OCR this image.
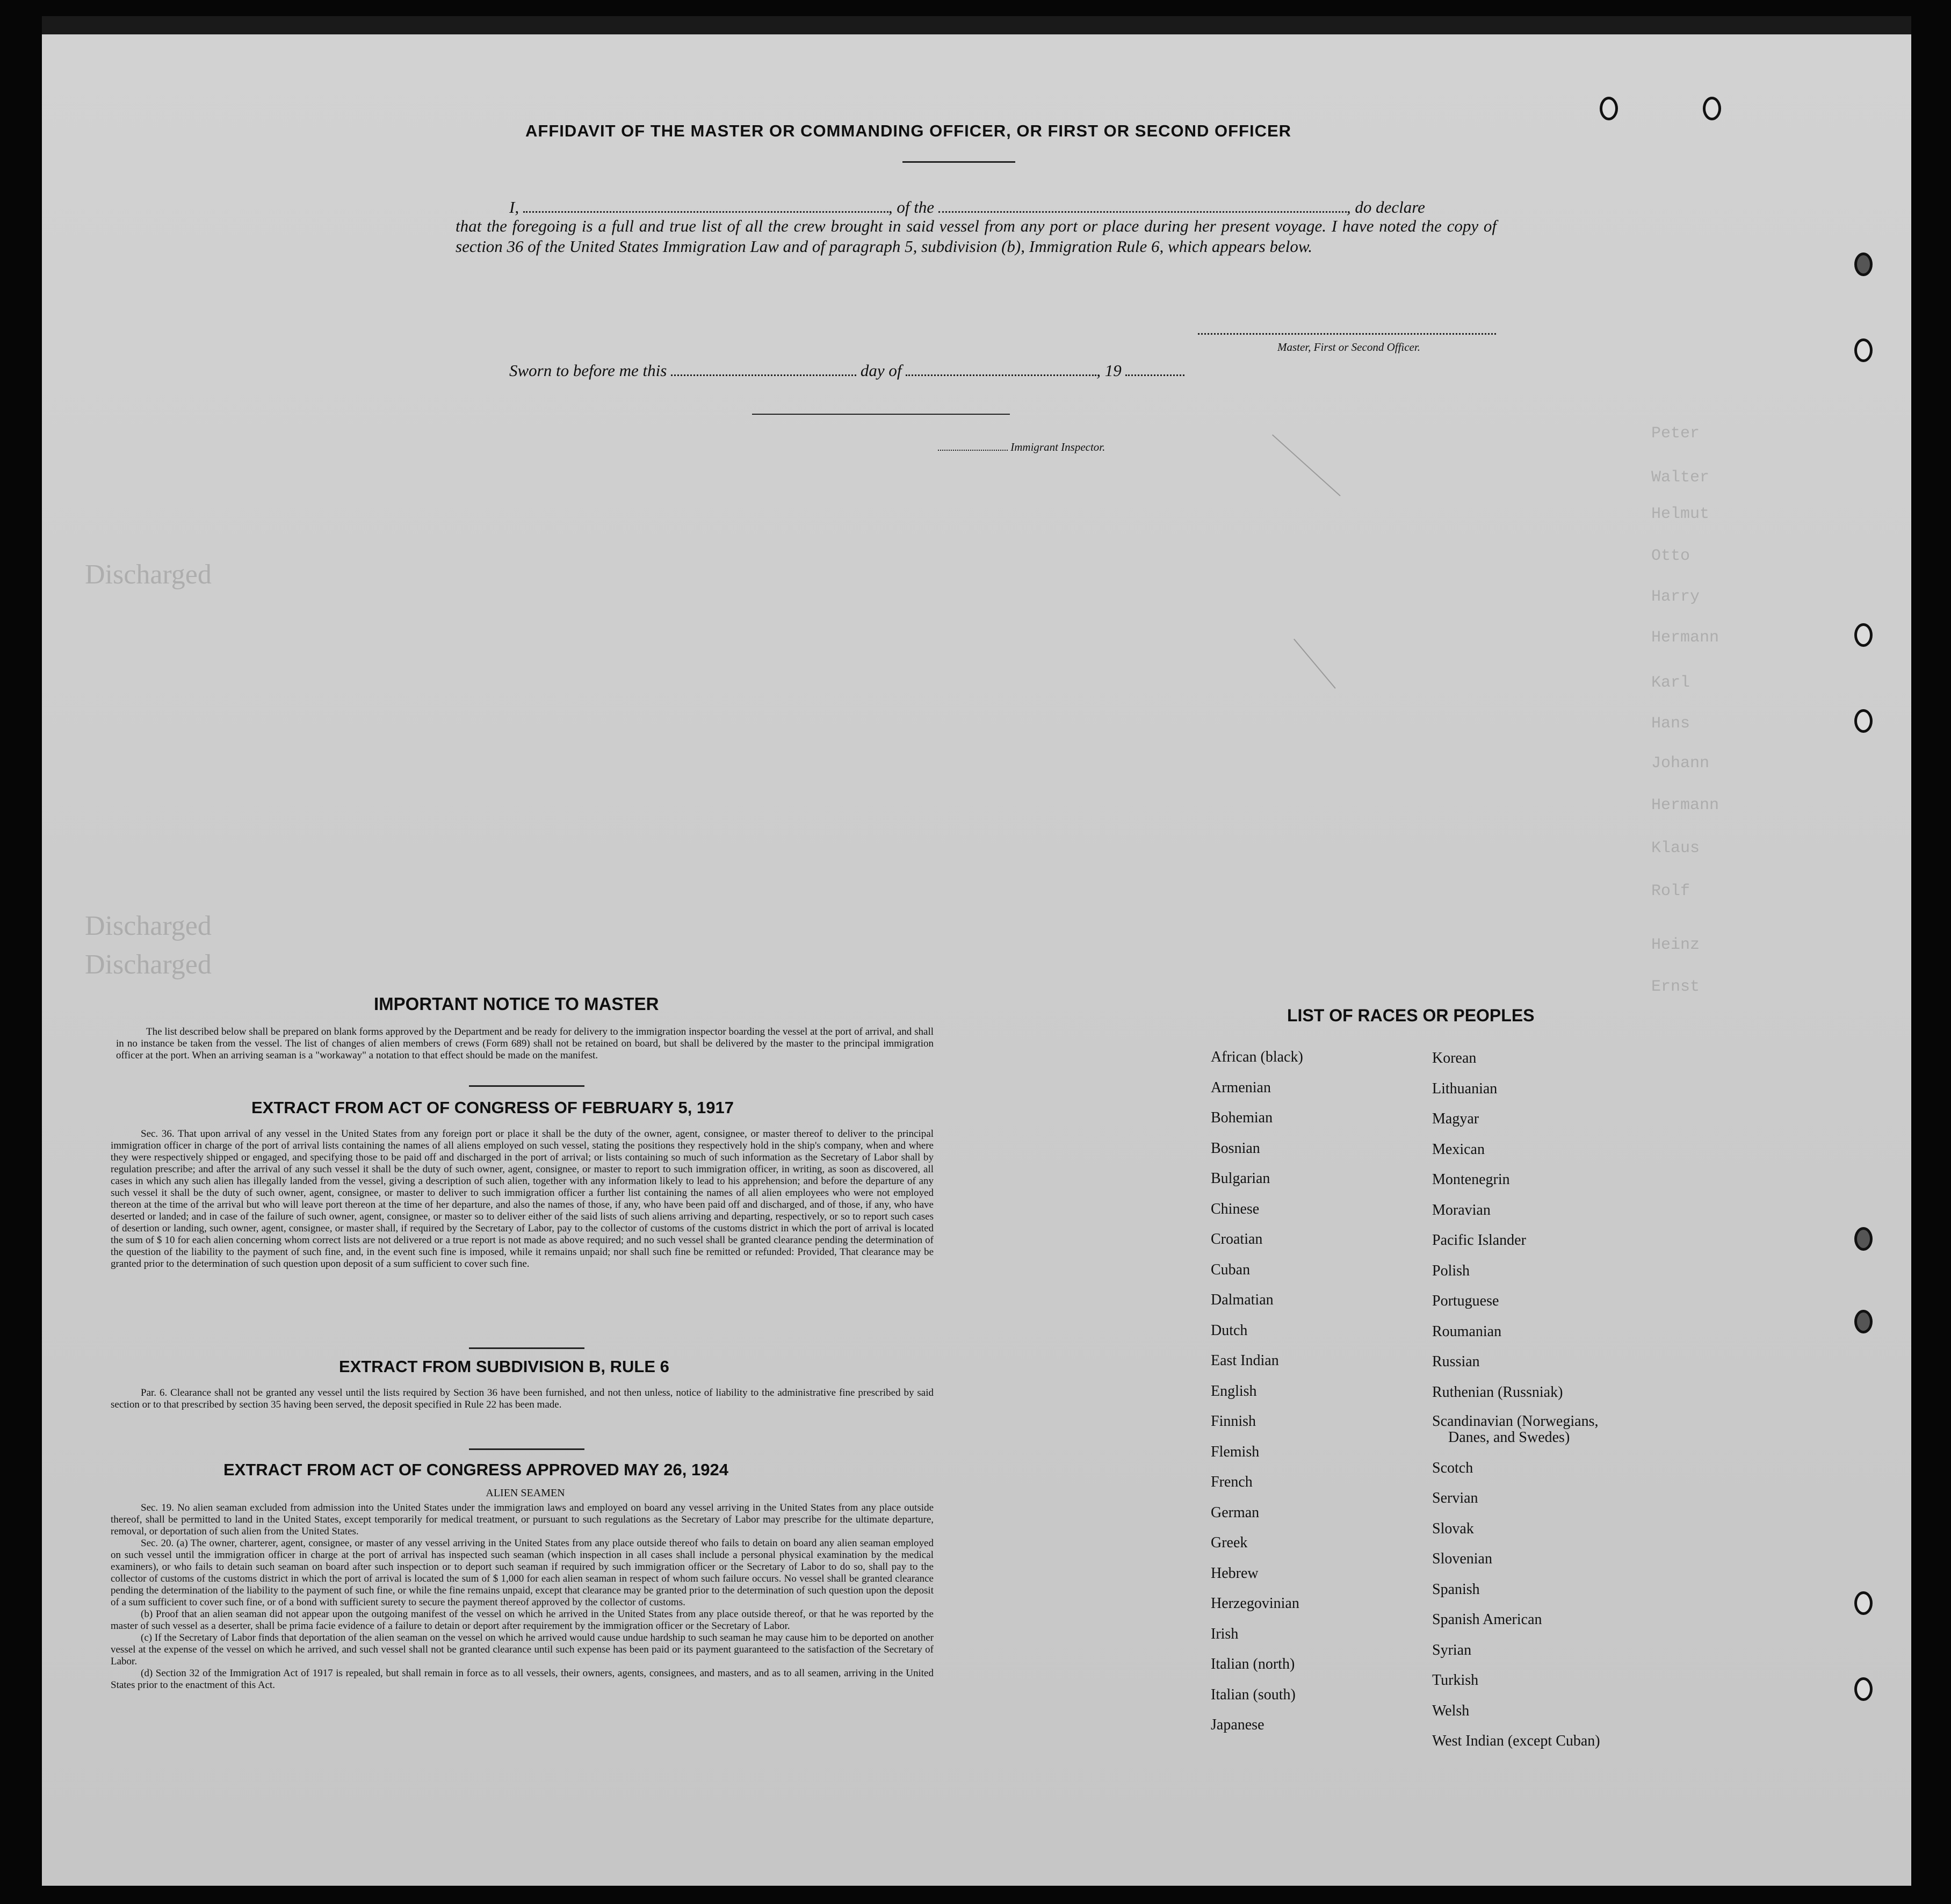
Peter
Walter
Helmut
Otto
Harry
Hermann
Karl
Hans
Johann
Hermann
Klaus
Rolf
Heinz
Ernst
Discharged
Discharged
Discharged
AFFIDAVIT OF THE MASTER OR COMMANDING OFFICER, OR FIRST OR SECOND OFFICER
I,	, of the	, do declare
that the foregoing is a full and true list of all the crew brought in said vessel from any port or place during her present voyage. I have noted the copy of section 36 of the United States Immigration Law and of paragraph 5, subdivision (b), Immigration Rule 6, which appears below.
Master, First or Second Officer.
Sworn to before me this	day of	, 19
Immigrant Inspector.
IMPORTANT NOTICE TO MASTER

The list described below shall be prepared on blank forms approved by the Department and be ready for delivery to the immigration inspector boarding the vessel at the port of arrival, and shall in no instance be taken from the vessel. The list of changes of alien members of crews (Form 689) shall not be retained on board, but shall be delivered by the master to the principal immigration officer at the port. When an arriving seaman is a "workaway" a notation to that effect should be made on the manifest.

EXTRACT FROM ACT OF CONGRESS OF FEBRUARY 5, 1917

Sec. 36. That upon arrival of any vessel in the United States from any foreign port or place it shall be the duty of the owner, agent, consignee, or master thereof to deliver to the principal immigration officer in charge of the port of arrival lists containing the names of all aliens employed on such vessel, stating the positions they respectively hold in the ship's company, when and where they were respectively shipped or engaged, and specifying those to be paid off and discharged in the port of arrival; or lists containing so much of such information as the Secretary of Labor shall by regulation prescribe; and after the arrival of any such vessel it shall be the duty of such owner, agent, consignee, or master to report to such immigration officer, in writing, as soon as discovered, all cases in which any such alien has illegally landed from the vessel, giving a description of such alien, together with any information likely to lead to his apprehension; and before the departure of any such vessel it shall be the duty of such owner, agent, consignee, or master to deliver to such immigration officer a further list containing the names of all alien employees who were not employed thereon at the time of the arrival but who will leave port thereon at the time of her departure, and also the names of those, if any, who have been paid off and discharged, and of those, if any, who have deserted or landed; and in case of the failure of such owner, agent, consignee, or master so to deliver either of the said lists of such aliens arriving and departing, respectively, or so to report such cases of desertion or landing, such owner, agent, consignee, or master shall, if required by the Secretary of Labor, pay to the collector of customs of the customs district in which the port of arrival is located the sum of $ 10 for each alien concerning whom correct lists are not delivered or a true report is not made as above required; and no such vessel shall be granted clearance pending the determination of the question of the liability to the payment of such fine, and, in the event such fine is imposed, while it remains unpaid; nor shall such fine be remitted or refunded: Provided, That clearance may be granted prior to the determination of such question upon deposit of a sum sufficient to cover such fine.

EXTRACT FROM SUBDIVISION B, RULE 6

Par. 6. Clearance shall not be granted any vessel until the lists required by Section 36 have been furnished, and not then unless, notice of liability to the administrative fine prescribed by said section or to that prescribed by section 35 having been served, the deposit specified in Rule 22 has been made.

EXTRACT FROM ACT OF CONGRESS APPROVED MAY 26, 1924
ALIEN SEAMEN

Sec. 19. No alien seaman excluded from admission into the United States under the immigration laws and employed on board any vessel arriving in the United States from any place outside thereof, shall be permitted to land in the United States, except temporarily for medical treatment, or pursuant to such regulations as the Secretary of Labor may prescribe for the ultimate departure, removal, or deportation of such alien from the United States.

Sec. 20. (a) The owner, charterer, agent, consignee, or master of any vessel arriving in the United States from any place outside thereof who fails to detain on board any alien seaman employed on such vessel until the immigration officer in charge at the port of arrival has inspected such seaman (which inspection in all cases shall include a personal physical examination by the medical examiners), or who fails to detain such seaman on board after such inspection or to deport such seaman if required by such immigration officer or the Secretary of Labor to do so, shall pay to the collector of customs of the customs district in which the port of arrival is located the sum of $ 1,000 for each alien seaman in respect of whom such failure occurs. No vessel shall be granted clearance pending the determination of the liability to the payment of such fine, or while the fine remains unpaid, except that clearance may be granted prior to the determination of such question upon the deposit of a sum sufficient to cover such fine, or of a bond with sufficient surety to secure the payment thereof approved by the collector of customs.

(b) Proof that an alien seaman did not appear upon the outgoing manifest of the vessel on which he arrived in the United States from any place outside thereof, or that he was reported by the master of such vessel as a deserter, shall be prima facie evidence of a failure to detain or deport after requirement by the immigration officer or the Secretary of Labor.

(c) If the Secretary of Labor finds that deportation of the alien seaman on the vessel on which he arrived would cause undue hardship to such seaman he may cause him to be deported on another vessel at the expense of the vessel on which he arrived, and such vessel shall not be granted clearance until such expense has been paid or its payment guaranteed to the satisfaction of the Secretary of Labor.

(d) Section 32 of the Immigration Act of 1917 is repealed, but shall remain in force as to all vessels, their owners, agents, consignees, and masters, and as to all seamen, arriving in the United States prior to the enactment of this Act.

LIST OF RACES OR PEOPLES
African (black)
Armenian
Bohemian
Bosnian
Bulgarian
Chinese
Croatian
Cuban
Dalmatian
Dutch
East Indian
English
Finnish
Flemish
French
German
Greek
Hebrew
Herzegovinian
Irish
Italian (north)
Italian (south)
Japanese
Korean
Lithuanian
Magyar
Mexican
Montenegrin
Moravian
Pacific Islander
Polish
Portuguese
Roumanian
Russian
Ruthenian (Russniak)
Scandinavian (Norwegians,
Danes, and Swedes)
Scotch
Servian
Slovak
Slovenian
Spanish
Spanish American
Syrian
Turkish
Welsh
West Indian (except Cuban)
